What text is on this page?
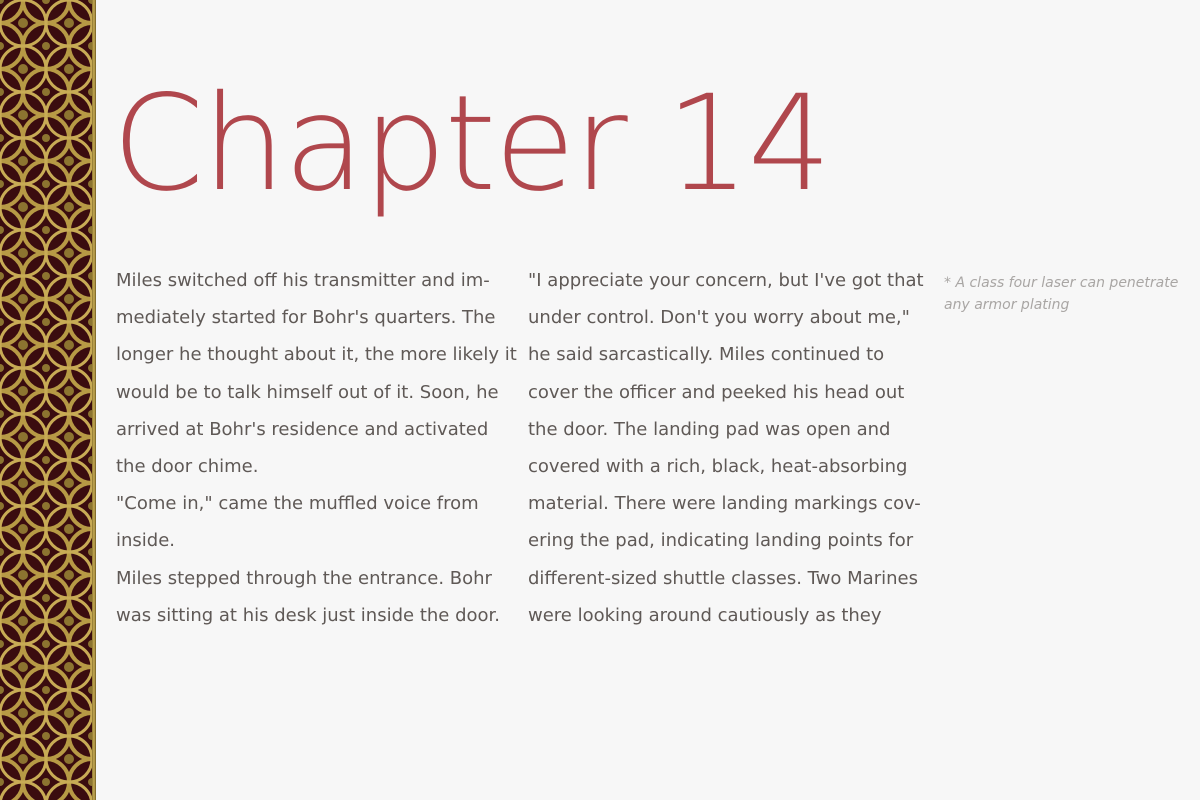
Chapter 14
Miles switched off his transmitter and im-
mediately started for Bohr's quarters. The
longer he thought about it, the more likely it
would be to talk himself out of it. Soon, he
arrived at Bohr's residence and activated
the door chime.
"Come in," came the muffled voice from
inside.
Miles stepped through the entrance. Bohr
was sitting at his desk just inside the door.
"I appreciate your concern, but I've got that
under control. Don't you worry about me,"
he said sarcastically. Miles continued to
cover the officer and peeked his head out
the door. The landing pad was open and
covered with a rich, black, heat-absorbing
material. There were landing markings cov-
ering the pad, indicating landing points for
different-sized shuttle classes. Two Marines
were looking around cautiously as they
* A class four laser can penetrate
any armor plating
